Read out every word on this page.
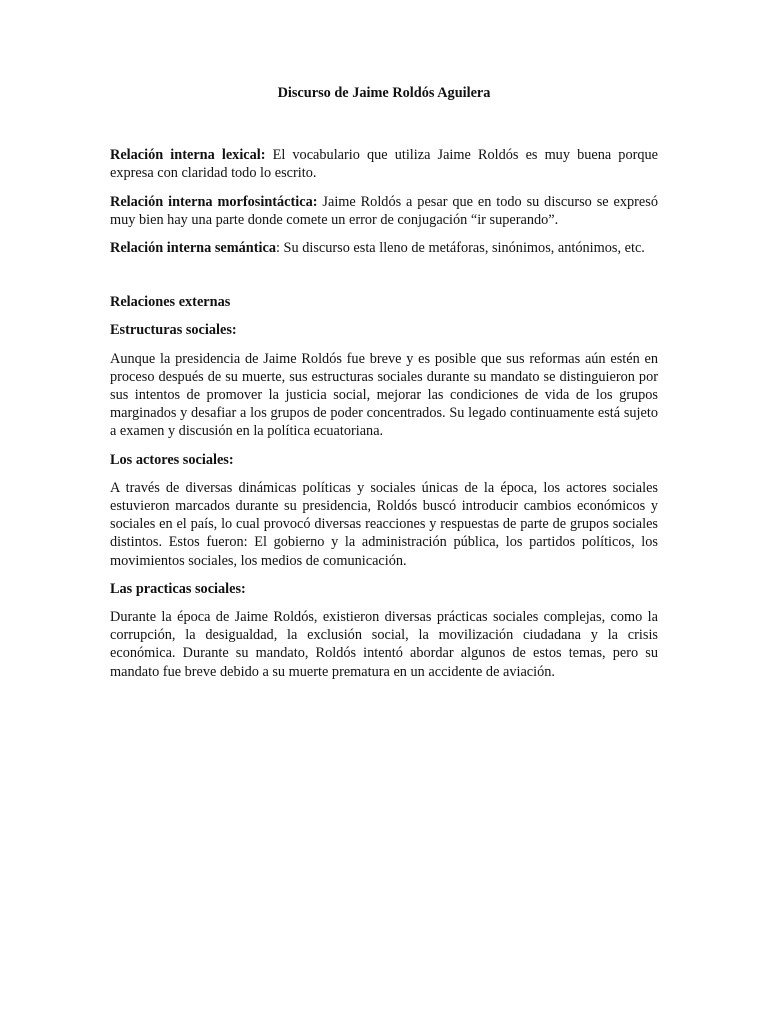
Discurso de Jaime Roldós Aguilera

Relación interna lexical: El vocabulario que utiliza Jaime Roldós es muy buena porque expresa con claridad todo lo escrito.

Relación interna morfosintáctica: Jaime Roldós a pesar que en todo su discurso se expresó muy bien hay una parte donde comete un error de conjugación “ir superando”.

Relación interna semántica: Su discurso esta lleno de metáforas, sinónimos, antónimos, etc.

Relaciones externas
Estructuras sociales:

Aunque la presidencia de Jaime Roldós fue breve y es posible que sus reformas aún estén en proceso después de su muerte, sus estructuras sociales durante su mandato se distinguieron por sus intentos de promover la justicia social, mejorar las condiciones de vida de los grupos marginados y desafiar a los grupos de poder concentrados. Su legado continuamente está sujeto a examen y discusión en la política ecuatoriana.

Los actores sociales:

A través de diversas dinámicas políticas y sociales únicas de la época, los actores sociales estuvieron marcados durante su presidencia, Roldós buscó introducir cambios económicos y sociales en el país, lo cual provocó diversas reacciones y respuestas de parte de grupos sociales distintos. Estos fueron: El gobierno y la administración pública, los partidos políticos, los movimientos sociales, los medios de comunicación.

Las practicas sociales:

Durante la época de Jaime Roldós, existieron diversas prácticas sociales complejas, como la corrupción, la desigualdad, la exclusión social, la movilización ciudadana y la crisis económica. Durante su mandato, Roldós intentó abordar algunos de estos temas, pero su mandato fue breve debido a su muerte prematura en un accidente de aviación.
